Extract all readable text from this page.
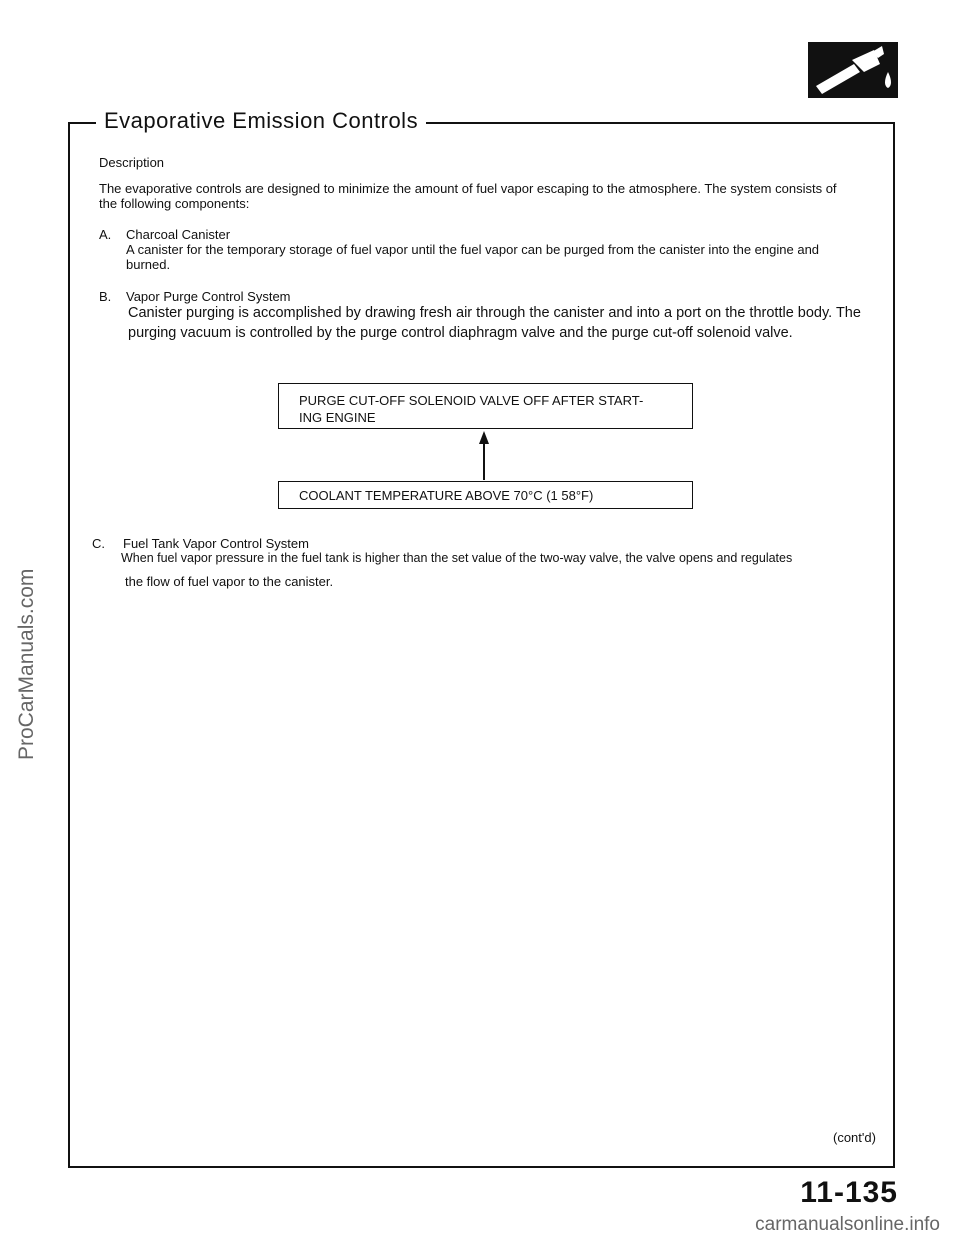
Evaporative Emission Controls
Description
The evaporative controls are designed to minimize the amount of fuel vapor escaping to the atmosphere. The system consists of
the following components:
A. Charcoal Canister
A canister for the temporary storage of fuel vapor until the fuel vapor can be purged from the canister into the engine and
burned.
B. Vapor Purge Control System
Canister purging is accomplished by drawing fresh air through the canister and into a port on the throttle body. The
purging vacuum is controlled by the purge control diaphragm valve and the purge cut-off solenoid valve.
PURGE CUT-OFF SOLENOID VALVE OFF AFTER START-
ING ENGINE
COOLANT TEMPERATURE ABOVE 70°C (1 58°F)
C. Fuel Tank Vapor Control System
When fuel vapor pressure in the fuel tank is higher than the set value of the two-way valve, the valve opens and regulates
the flow of fuel vapor to the canister.
(cont'd)
11-135
ProCarManuals.com
carmanualsonline.info
